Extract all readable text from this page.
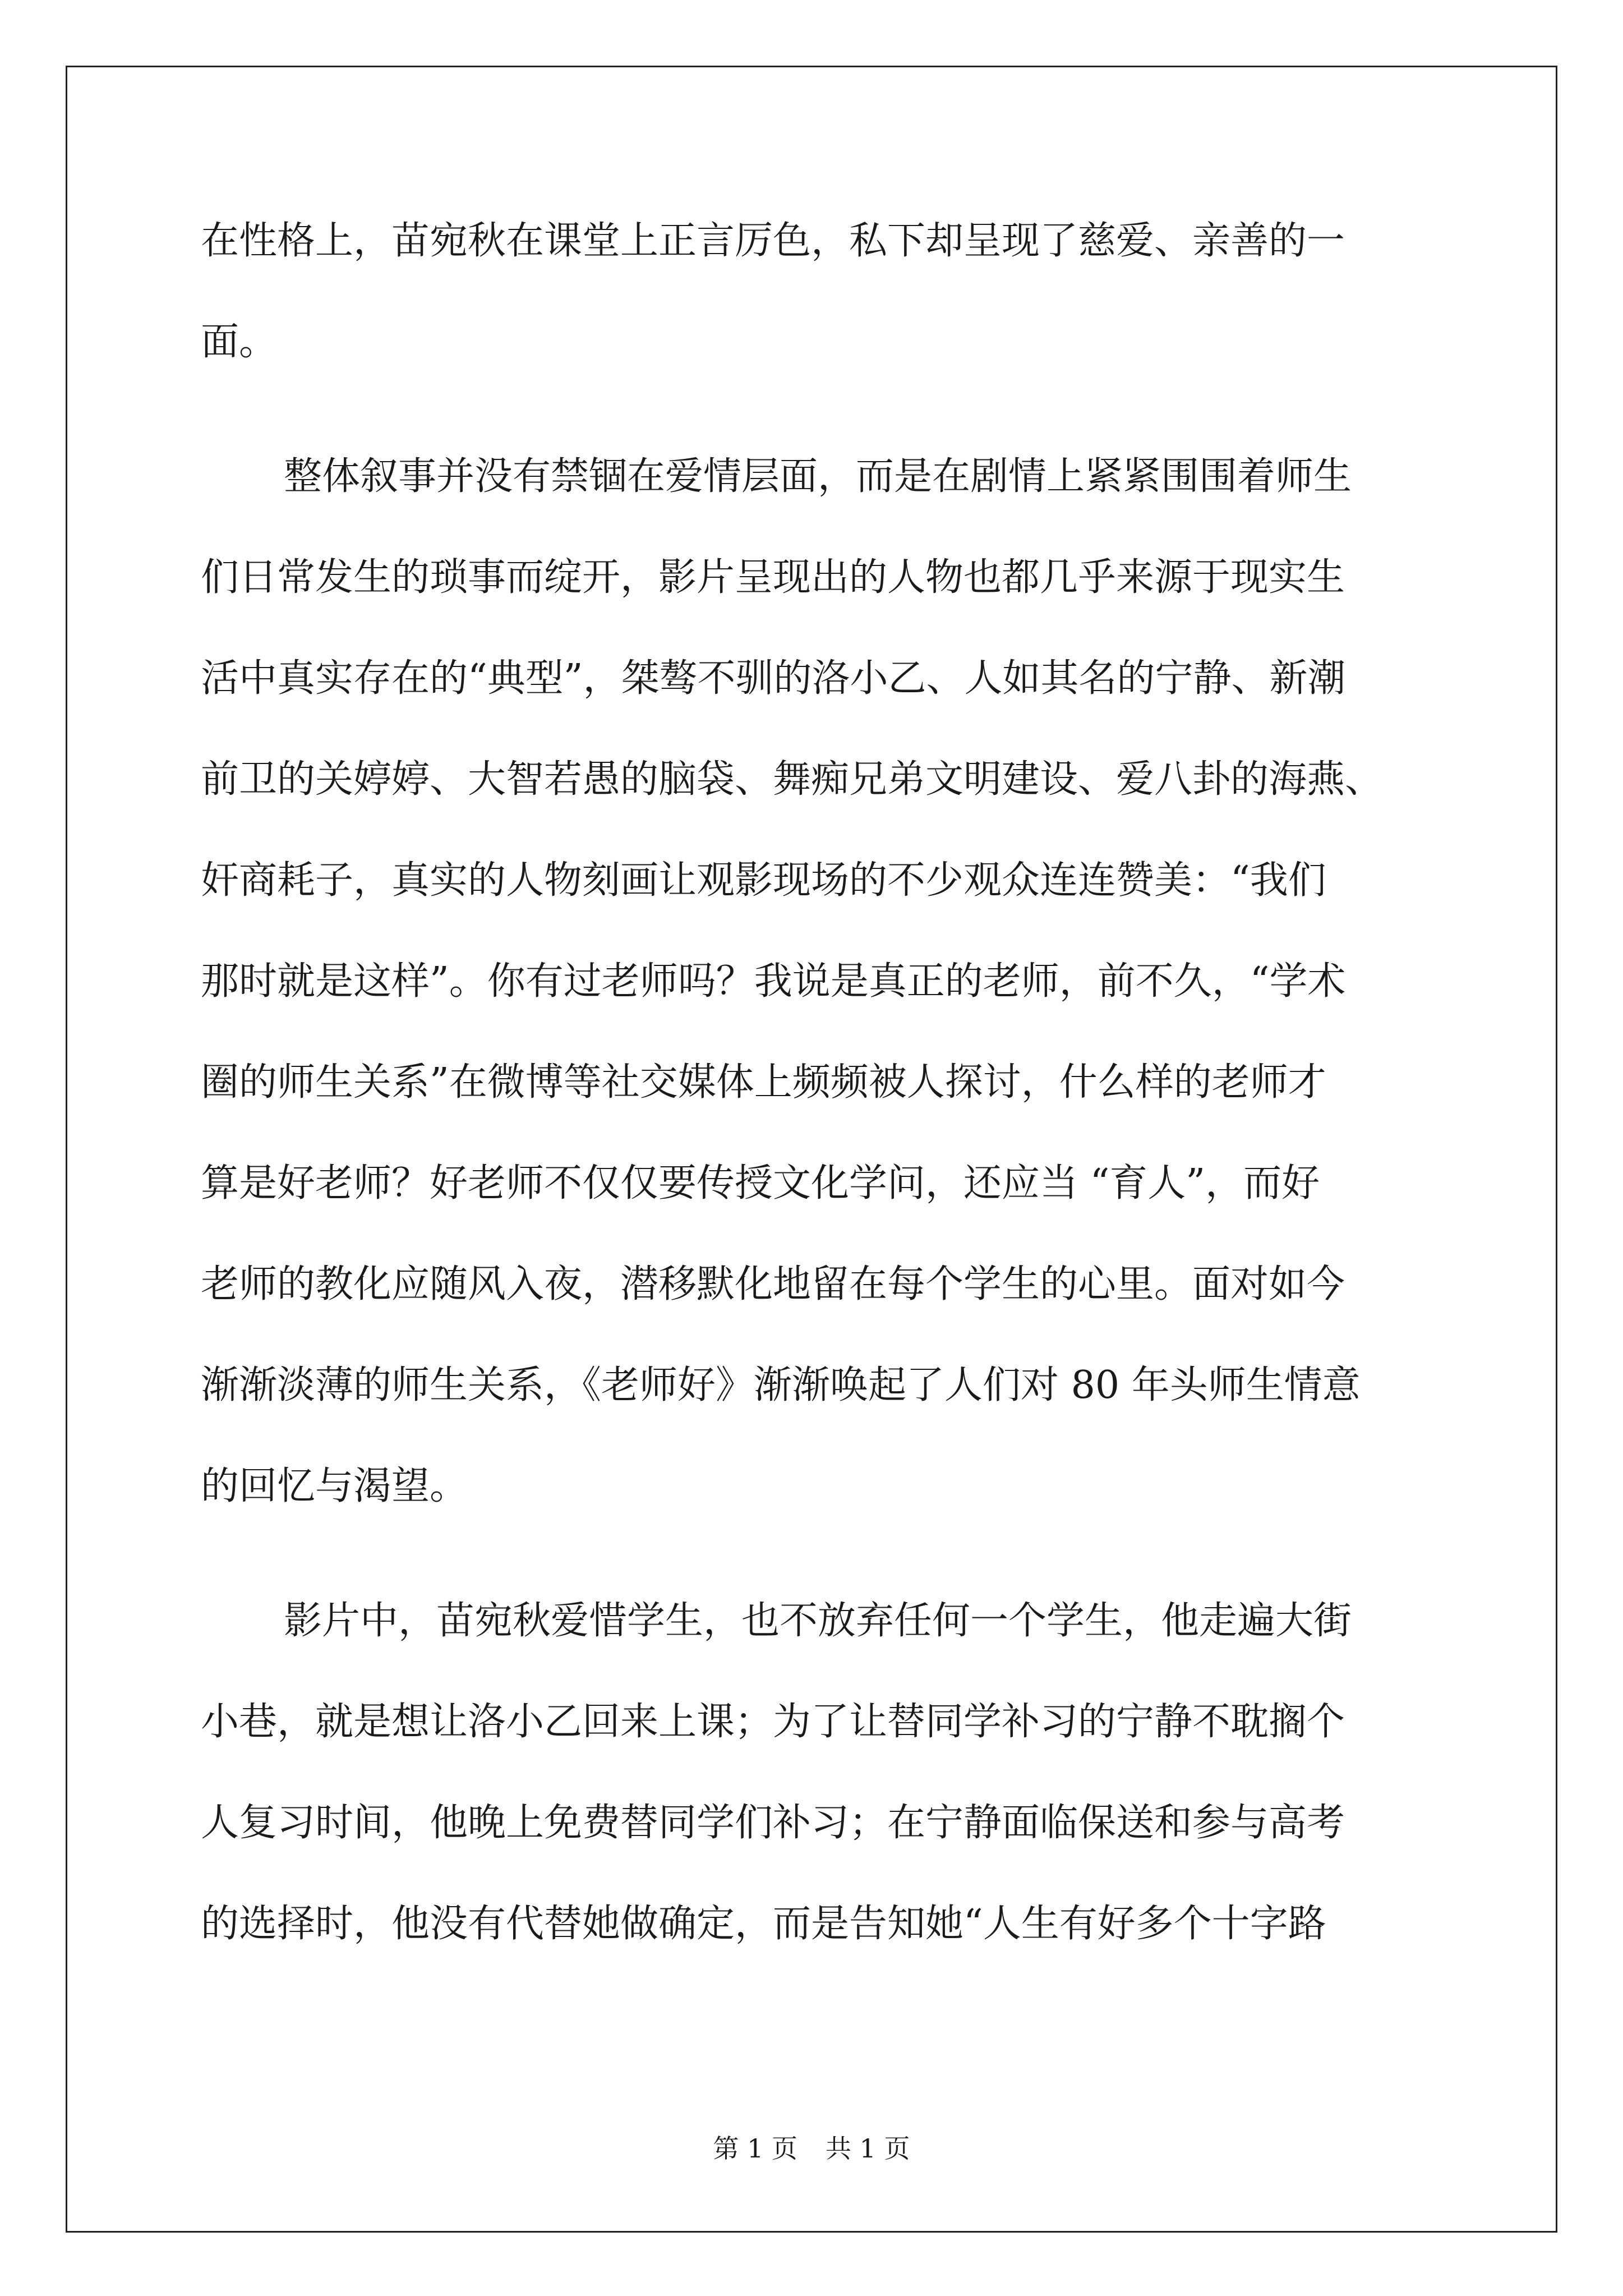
在性格上，苗宛秋在课堂上正言厉色，私下却呈现了慈爱、亲善的一
面。
整体叙事并没有禁锢在爱情层面，而是在剧情上紧紧围围着师生
们日常发生的琐事而绽开，影片呈现出的人物也都几乎来源于现实生
活中真实存在的“典型”，桀骜不驯的洛小乙、人如其名的宁静、新潮
前卫的关婷婷、大智若愚的脑袋、舞痴兄弟文明建设、爱八卦的海燕、
奸商耗子，真实的人物刻画让观影现场的不少观众连连赞美：“我们
那时就是这样”。你有过老师吗？我说是真正的老师，前不久，“学术
圈的师生关系”在微博等社交媒体上频频被人探讨，什么样的老师才
算是好老师？好老师不仅仅要传授文化学问，还应当 “育人”，而好
老师的教化应随风入夜，潜移默化地留在每个学生的心里。面对如今
渐渐淡薄的师生关系，《老师好》渐渐唤起了人们对 80 年头师生情意
的回忆与渴望。
影片中，苗宛秋爱惜学生，也不放弃任何一个学生，他走遍大街
小巷，就是想让洛小乙回来上课；为了让替同学补习的宁静不耽搁个
人复习时间，他晚上免费替同学们补习；在宁静面临保送和参与高考
的选择时，他没有代替她做确定，而是告知她“人生有好多个十字路
第 1 页 共 1 页
